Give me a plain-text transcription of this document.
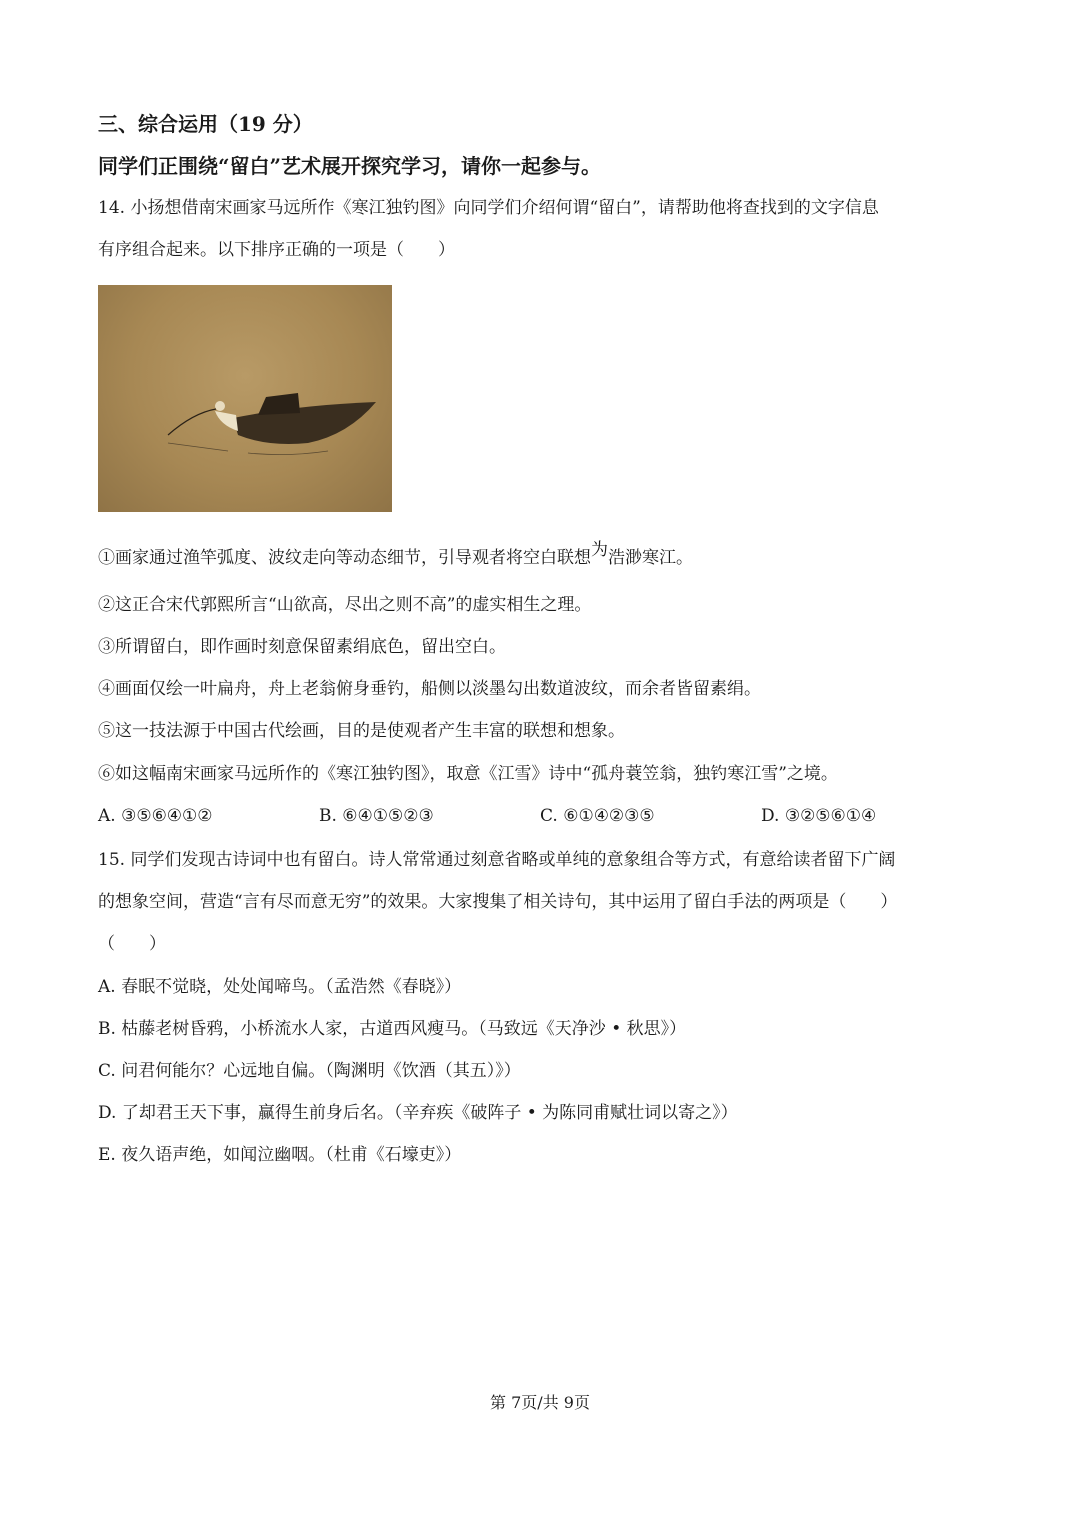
三、综合运用（19 分）
同学们正围绕“留白”艺术展开探究学习，请你一起参与。
14. 小扬想借南宋画家马远所作《寒江独钓图》向同学们介绍何谓“留白”，请帮助他将查找到的文字信息
有序组合起来。以下排序正确的一项是（　　）
①画家通过渔竿弧度、波纹走向等动态细节，引导观者将空白联想为浩渺寒江。
②这正合宋代郭熙所言“山欲高，尽出之则不高”的虚实相生之理。
③所谓留白，即作画时刻意保留素绢底色，留出空白。
④画面仅绘一叶扁舟，舟上老翁俯身垂钓，船侧以淡墨勾出数道波纹，而余者皆留素绢。
⑤这一技法源于中国古代绘画，目的是使观者产生丰富的联想和想象。
⑥如这幅南宋画家马远所作的《寒江独钓图》，取意《江雪》诗中“孤舟蓑笠翁，独钓寒江雪”之境。
A. ③⑤⑥④①②	B. ⑥④①⑤②③	C. ⑥①④②③⑤	D. ③②⑤⑥①④
15. 同学们发现古诗词中也有留白。诗人常常通过刻意省略或单纯的意象组合等方式，有意给读者留下广阔
的想象空间，营造“言有尽而意无穷”的效果。大家搜集了相关诗句，其中运用了留白手法的两项是（　　）
（　　）
A. 春眠不觉晓，处处闻啼鸟。（孟浩然《春晓》）
B. 枯藤老树昏鸦，小桥流水人家，古道西风瘦马。（马致远《天净沙 • 秋思》）
C. 问君何能尔？心远地自偏。（陶渊明《饮酒（其五）》）
D. 了却君王天下事，赢得生前身后名。（辛弃疾《破阵子 • 为陈同甫赋壮词以寄之》）
E. 夜久语声绝，如闻泣幽咽。（杜甫《石壕吏》）
第 7页/共 9页
